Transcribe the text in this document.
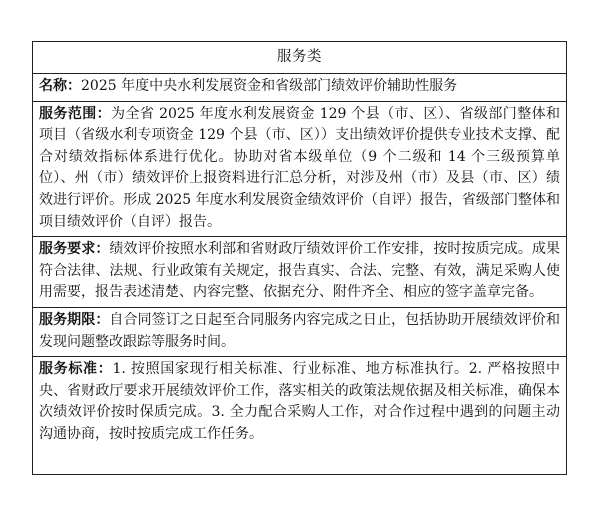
服务类
名称：2025 年度中央水利发展资金和省级部门绩效评价辅助性服务
服务范围：为全省 2025 年度水利发展资金 129 个县（市、区）、省级部门整体和项目（省级水利专项资金 129 个县（市、区））支出绩效评价提供专业技术支撑、配合对绩效指标体系进行优化。协助对省本级单位（9 个二级和 14 个三级预算单位）、州（市）绩效评价上报资料进行汇总分析，对涉及州（市）及县（市、区）绩效进行评价。形成 2025 年度水利发展资金绩效评价（自评）报告，省级部门整体和项目绩效评价（自评）报告。
服务要求：绩效评价按照水利部和省财政厅绩效评价工作安排，按时按质完成。成果符合法律、法规、行业政策有关规定，报告真实、合法、完整、有效，满足采购人使用需要，报告表述清楚、内容完整、依据充分、附件齐全、相应的签字盖章完备。
服务期限：自合同签订之日起至合同服务内容完成之日止，包括协助开展绩效评价和发现问题整改跟踪等服务时间。
服务标准：1. 按照国家现行相关标准、行业标准、地方标准执行。2. 严格按照中央、省财政厅要求开展绩效评价工作，落实相关的政策法规依据及相关标准，确保本次绩效评价按时保质完成。3. 全力配合采购人工作，对合作过程中遇到的问题主动沟通协商，按时按质完成工作任务。
